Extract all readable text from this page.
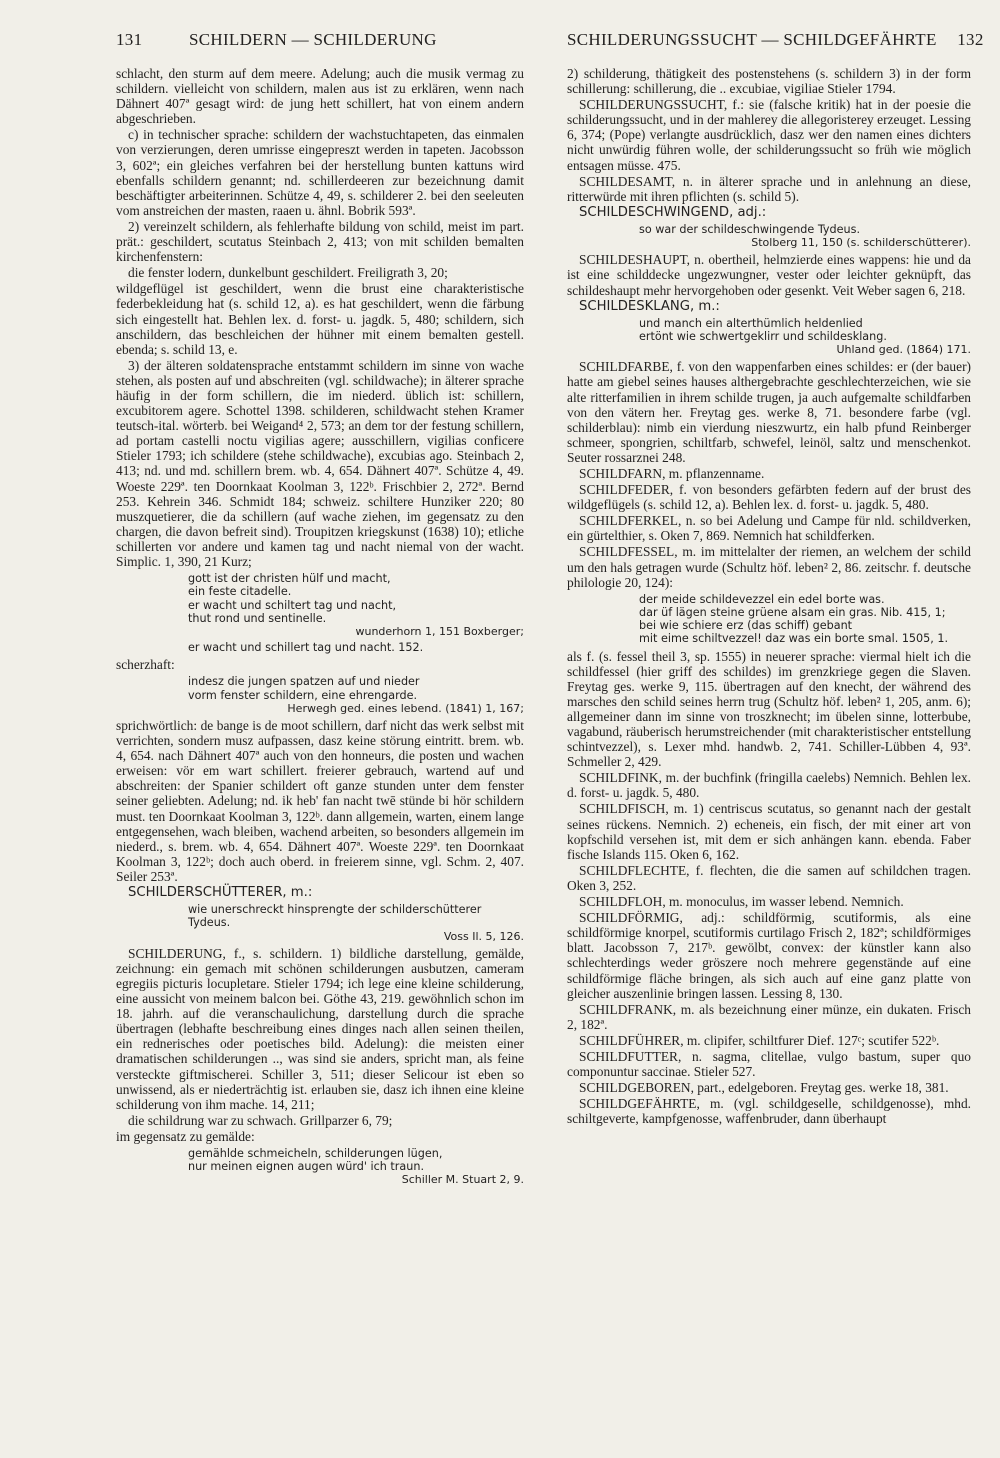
131	SCHILDERN — SCHILDERUNG	SCHILDERUNGSSUCHT — SCHILDGEFÄHRTE 132

schlacht, den sturm auf dem meere. Adelung; auch die musik vermag zu schildern. vielleicht von schildern, malen aus ist zu erklären, wenn nach Dähnert 407ª gesagt wird: de jung hett schillert, hat von einem andern abgeschrieben.

c) in technischer sprache: schildern der wachstuchtapeten, das einmalen von verzierungen, deren umrisse eingepreszt werden in tapeten. Jacobsson 3, 602ª; ein gleiches verfahren bei der herstellung bunten kattuns wird ebenfalls schildern genannt; nd. schillerdeeren zur bezeichnung damit beschäftigter arbeiterinnen. Schütze 4, 49, s. schilderer 2. bei den seeleuten vom anstreichen der masten, raaen u. ähnl. Bobrik 593ª.

2) vereinzelt schildern, als fehlerhafte bildung von schild, meist im part. prät.: geschildert, scutatus Steinbach 2, 413; von mit schilden bemalten kirchenfenstern:

die fenster lodern, dunkelbunt geschildert. Freiligrath 3, 20;

wildgeflügel ist geschildert, wenn die brust eine charakteristische federbekleidung hat (s. schild 12, a). es hat geschildert, wenn die färbung sich eingestellt hat. Behlen lex. d. forst- u. jagdk. 5, 480; schildern, sich anschildern, das beschleichen der hühner mit einem bemalten gestell. ebenda; s. schild 13, e.

3) der älteren soldatensprache entstammt schildern im sinne von wache stehen, als posten auf und abschreiten (vgl. schildwache); in älterer sprache häufig in der form schillern, die im niederd. üblich ist: schillern, excubitorem agere. Schottel 1398. schilderen, schildwacht stehen Kramer teutsch-ital. wörterb. bei Weigand⁴ 2, 573; an dem tor der festung schillern, ad portam castelli noctu vigilias agere; ausschillern, vigilias conficere Stieler 1793; ich schildere (stehe schildwache), excubias ago. Steinbach 2, 413; nd. und md. schillern brem. wb. 4, 654. Dähnert 407ª. Schütze 4, 49. Woeste 229ª. ten Doornkaat Koolman 3, 122ᵇ. Frischbier 2, 272ª. Bernd 253. Kehrein 346. Schmidt 184; schweiz. schiltere Hunziker 220; 80 muszquetierer, die da schillern (auf wache ziehen, im gegensatz zu den chargen, die davon befreit sind). Troupitzen kriegskunst (1638) 10); etliche schillerten vor andere und kamen tag und nacht niemal von der wacht. Simplic. 1, 390, 21 Kurz;

gott ist der christen hülf und macht,
ein feste citadelle.
er wacht und schiltert tag und nacht,
thut rond und sentinelle.
wunderhorn 1, 151 Boxberger;
er wacht und schillert tag und nacht. 152.

scherzhaft:

indesz die jungen spatzen auf und nieder
vorm fenster schildern, eine ehrengarde.
Herwegh ged. eines lebend. (1841) 1, 167;

sprichwörtlich: de bange is de moot schillern, darf nicht das werk selbst mit verrichten, sondern musz aufpassen, dasz keine störung eintritt. brem. wb. 4, 654. nach Dähnert 407ª auch von den honneurs, die posten und wachen erweisen: vör em wart schillert. freierer gebrauch, wartend auf und abschreiten: der Spanier schildert oft ganze stunden unter dem fenster seiner geliebten. Adelung; nd. ik heb' fan nacht twē stünde bi hör schildern must. ten Doornkaat Koolman 3, 122ᵇ. dann allgemein, warten, einem lange entgegensehen, wach bleiben, wachend arbeiten, so besonders allgemein im niederd., s. brem. wb. 4, 654. Dähnert 407ª. Woeste 229ª. ten Doornkaat Koolman 3, 122ᵇ; doch auch oberd. in freierem sinne, vgl. Schm. 2, 407. Seiler 253ª.

SCHILDERSCHÜTTERER, m.:

wie unerschreckt hinsprengte der schilderschütterer Tydeus.
Voss Il. 5, 126.

SCHILDERUNG, f., s. schildern. 1) bildliche darstellung, gemälde, zeichnung: ein gemach mit schönen schilderungen ausbutzen, cameram egregiis picturis locupletare. Stieler 1794; ich lege eine kleine schilderung, eine aussicht von meinem balcon bei. Göthe 43, 219. gewöhnlich schon im 18. jahrh. auf die veranschaulichung, darstellung durch die sprache übertragen (lebhafte beschreibung eines dinges nach allen seinen theilen, ein rednerisches oder poetisches bild. Adelung): die meisten einer dramatischen schilderungen .., was sind sie anders, spricht man, als feine versteckte giftmischerei. Schiller 3, 511; dieser Selicour ist eben so unwissend, als er niederträchtig ist. erlauben sie, dasz ich ihnen eine kleine schilderung von ihm mache. 14, 211;

die schildrung war zu schwach. Grillparzer 6, 79;

im gegensatz zu gemälde:

gemählde schmeicheln, schilderungen lügen,
nur meinen eignen augen würd' ich traun.
Schiller M. Stuart 2, 9.

2) schilderung, thätigkeit des postenstehens (s. schildern 3) in der form schillerung: schillerung, die .. excubiae, vigiliae Stieler 1794.

SCHILDERUNGSSUCHT, f.: sie (falsche kritik) hat in der poesie die schilderungssucht, und in der mahlerey die allegoristerey erzeuget. Lessing 6, 374; (Pope) verlangte ausdrücklich, dasz wer den namen eines dichters nicht unwürdig führen wolle, der schilderungssucht so früh wie möglich entsagen müsse. 475.

SCHILDESAMT, n. in älterer sprache und in anlehnung an diese, ritterwürde mit ihren pflichten (s. schild 5).

SCHILDESCHWINGEND, adj.:

so war der schildeschwingende Tydeus.
Stolberg 11, 150 (s. schilderschütterer).

SCHILDESHAUPT, n. obertheil, helmzierde eines wappens: hie und da ist eine schilddecke ungezwungner, vester oder leichter geknüpft, das schildeshaupt mehr hervorgehoben oder gesenkt. Veit Weber sagen 6, 218.

SCHILDESKLANG, m.:

und manch ein alterthümlich heldenlied
ertönt wie schwertgeklirr und schildesklang.
Uhland ged. (1864) 171.

SCHILDFARBE, f. von den wappenfarben eines schildes: er (der bauer) hatte am giebel seines hauses althergebrachte geschlechterzeichen, wie sie alte ritterfamilien in ihrem schilde trugen, ja auch aufgemalte schildfarben von den vätern her. Freytag ges. werke 8, 71. besondere farbe (vgl. schilderblau): nimb ein vierdung nieszwurtz, ein halb pfund Reinberger schmeer, spongrien, schiltfarb, schwefel, leinöl, saltz und menschenkot. Seuter rossarznei 248.

SCHILDFARN, m. pflanzenname.

SCHILDFEDER, f. von besonders gefärbten federn auf der brust des wildgeflügels (s. schild 12, a). Behlen lex. d. forst- u. jagdk. 5, 480.

SCHILDFERKEL, n. so bei Adelung und Campe für nld. schildverken, ein gürtelthier, s. Oken 7, 869. Nemnich hat schildferken.

SCHILDFESSEL, m. im mittelalter der riemen, an welchem der schild um den hals getragen wurde (Schultz höf. leben² 2, 86. zeitschr. f. deutsche philologie 20, 124):

der meide schildevezzel ein edel borte was.
dar üf lägen steine grüene alsam ein gras. Nib. 415, 1;
bei wie schiere erz (das schiff) gebant
mit eime schiltvezzel! daz was ein borte smal. 1505, 1.

als f. (s. fessel theil 3, sp. 1555) in neuerer sprache: viermal hielt ich die schildfessel (hier griff des schildes) im grenzkriege gegen die Slaven. Freytag ges. werke 9, 115. übertragen auf den knecht, der während des marsches den schild seines herrn trug (Schultz höf. leben² 1, 205, anm. 6); allgemeiner dann im sinne von troszknecht; im übelen sinne, lotterbube, vagabund, räuberisch herumstreichender (mit charakteristischer entstellung schintvezzel), s. Lexer mhd. handwb. 2, 741. Schiller-Lübben 4, 93ª. Schmeller 2, 429.

SCHILDFINK, m. der buchfink (fringilla caelebs) Nemnich. Behlen lex. d. forst- u. jagdk. 5, 480.

SCHILDFISCH, m. 1) centriscus scutatus, so genannt nach der gestalt seines rückens. Nemnich. 2) echeneis, ein fisch, der mit einer art von kopfschild versehen ist, mit dem er sich anhängen kann. ebenda. Faber fische Islands 115. Oken 6, 162.

SCHILDFLECHTE, f. flechten, die die samen auf schildchen tragen. Oken 3, 252.

SCHILDFLOH, m. monoculus, im wasser lebend. Nemnich.

SCHILDFÖRMIG, adj.: schildförmig, scutiformis, als eine schildförmige knorpel, scutiformis curtilago Frisch 2, 182ª; schildförmiges blatt. Jacobsson 7, 217ᵇ. gewölbt, convex: der künstler kann also schlechterdings weder gröszere noch mehrere gegenstände auf eine schildförmige fläche bringen, als sich auch auf eine ganz platte von gleicher auszenlinie bringen lassen. Lessing 8, 130.

SCHILDFRANK, m. als bezeichnung einer münze, ein dukaten. Frisch 2, 182ª.

SCHILDFÜHRER, m. clipifer, schiltfurer Dief. 127ᶜ; scutifer 522ᵇ.

SCHILDFUTTER, n. sagma, clitellae, vulgo bastum, super quo componuntur saccinae. Stieler 527.

SCHILDGEBOREN, part., edelgeboren. Freytag ges. werke 18, 381.

SCHILDGEFÄHRTE, m. (vgl. schildgeselle, schildgenosse), mhd. schiltgeverte, kampfgenosse, waffenbruder, dann überhaupt
